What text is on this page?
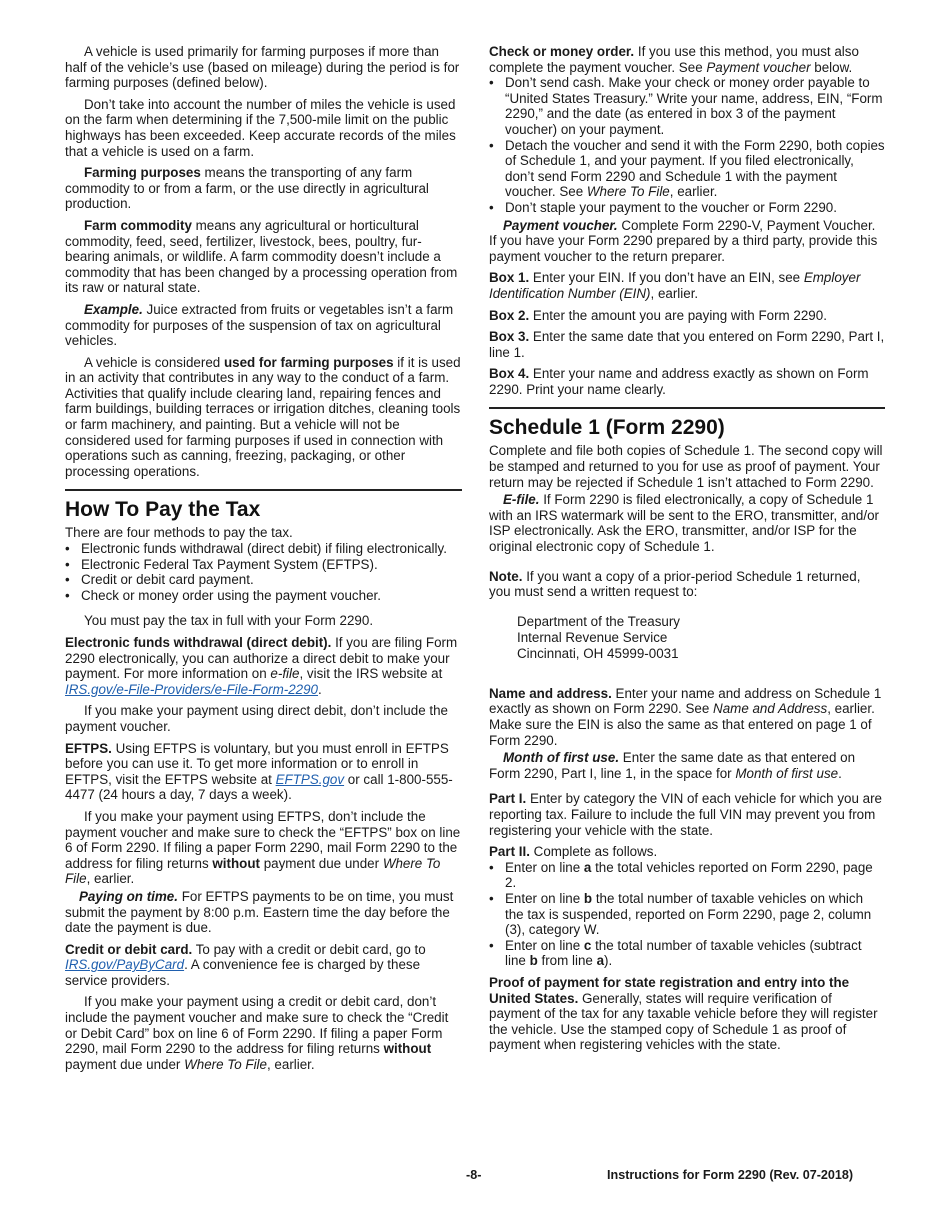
A vehicle is used primarily for farming purposes if more than half of the vehicle’s use (based on mileage) during the period is for farming purposes (defined below).

Don’t take into account the number of miles the vehicle is used on the farm when determining if the 7,500-mile limit on the public highways has been exceeded. Keep accurate records of the miles that a vehicle is used on a farm.

Farming purposes means the transporting of any farm commodity to or from a farm, or the use directly in agricultural production.

Farm commodity means any agricultural or horticultural commodity, feed, seed, fertilizer, livestock, bees, poultry, fur-bearing animals, or wildlife. A farm commodity doesn’t include a commodity that has been changed by a processing operation from its raw or natural state.

Example. Juice extracted from fruits or vegetables isn’t a farm commodity for purposes of the suspension of tax on agricultural vehicles.

A vehicle is considered used for farming purposes if it is used in an activity that contributes in any way to the conduct of a farm. Activities that qualify include clearing land, repairing fences and farm buildings, building terraces or irrigation ditches, cleaning tools or farm machinery, and painting. But a vehicle will not be considered used for farming purposes if used in connection with operations such as canning, freezing, packaging, or other processing operations.

How To Pay the Tax

There are four methods to pay the tax.

• Electronic funds withdrawal (direct debit) if filing electronically.
• Electronic Federal Tax Payment System (EFTPS).
• Credit or debit card payment.
• Check or money order using the payment voucher.

You must pay the tax in full with your Form 2290.

Electronic funds withdrawal (direct debit). If you are filing Form 2290 electronically, you can authorize a direct debit to make your payment. For more information on e-file, visit the IRS website at IRS.gov/e-File-Providers/e-File-Form-2290.

If you make your payment using direct debit, don’t include the payment voucher.

EFTPS. Using EFTPS is voluntary, but you must enroll in EFTPS before you can use it. To get more information or to enroll in EFTPS, visit the EFTPS website at EFTPS.gov or call 1-800-555-4477 (24 hours a day, 7 days a week).

If you make your payment using EFTPS, don’t include the payment voucher and make sure to check the “EFTPS” box on line 6 of Form 2290. If filing a paper Form 2290, mail Form 2290 to the address for filing returns without payment due under Where To File, earlier.

Paying on time. For EFTPS payments to be on time, you must submit the payment by 8:00 p.m. Eastern time the day before the date the payment is due.

Credit or debit card. To pay with a credit or debit card, go to IRS.gov/PayByCard. A convenience fee is charged by these service providers.

If you make your payment using a credit or debit card, don’t include the payment voucher and make sure to check the “Credit or Debit Card” box on line 6 of Form 2290. If filing a paper Form 2290, mail Form 2290 to the address for filing returns without payment due under Where To File, earlier.

Check or money order. If you use this method, you must also complete the payment voucher. See Payment voucher below.

• Don’t send cash. Make your check or money order payable to “United States Treasury.” Write your name, address, EIN, “Form 2290,” and the date (as entered in box 3 of the payment voucher) on your payment.
• Detach the voucher and send it with the Form 2290, both copies of Schedule 1, and your payment. If you filed electronically, don’t send Form 2290 and Schedule 1 with the payment voucher. See Where To File, earlier.
• Don’t staple your payment to the voucher or Form 2290.

Payment voucher. Complete Form 2290-V, Payment Voucher. If you have your Form 2290 prepared by a third party, provide this payment voucher to the return preparer.

Box 1. Enter your EIN. If you don’t have an EIN, see Employer Identification Number (EIN), earlier.

Box 2. Enter the amount you are paying with Form 2290.

Box 3. Enter the same date that you entered on Form 2290, Part I, line 1.

Box 4. Enter your name and address exactly as shown on Form 2290. Print your name clearly.

Schedule 1 (Form 2290)

Complete and file both copies of Schedule 1. The second copy will be stamped and returned to you for use as proof of payment. Your return may be rejected if Schedule 1 isn’t attached to Form 2290.

E-file. If Form 2290 is filed electronically, a copy of Schedule 1 with an IRS watermark will be sent to the ERO, transmitter, and/or ISP electronically. Ask the ERO, transmitter, and/or ISP for the original electronic copy of Schedule 1.

Note. If you want a copy of a prior-period Schedule 1 returned, you must send a written request to:

Department of the Treasury
Internal Revenue Service
Cincinnati, OH 45999-0031

Name and address. Enter your name and address on Schedule 1 exactly as shown on Form 2290. See Name and Address, earlier. Make sure the EIN is also the same as that entered on page 1 of Form 2290.

Month of first use. Enter the same date as that entered on Form 2290, Part I, line 1, in the space for Month of first use.

Part I. Enter by category the VIN of each vehicle for which you are reporting tax. Failure to include the full VIN may prevent you from registering your vehicle with the state.

Part II. Complete as follows.

• Enter on line a the total vehicles reported on Form 2290, page 2.
• Enter on line b the total number of taxable vehicles on which the tax is suspended, reported on Form 2290, page 2, column (3), category W.
• Enter on line c the total number of taxable vehicles (subtract line b from line a).

Proof of payment for state registration and entry into the United States. Generally, states will require verification of payment of the tax for any taxable vehicle before they will register the vehicle. Use the stamped copy of Schedule 1 as proof of payment when registering vehicles with the state.

-8-	Instructions for Form 2290 (Rev. 07-2018)
